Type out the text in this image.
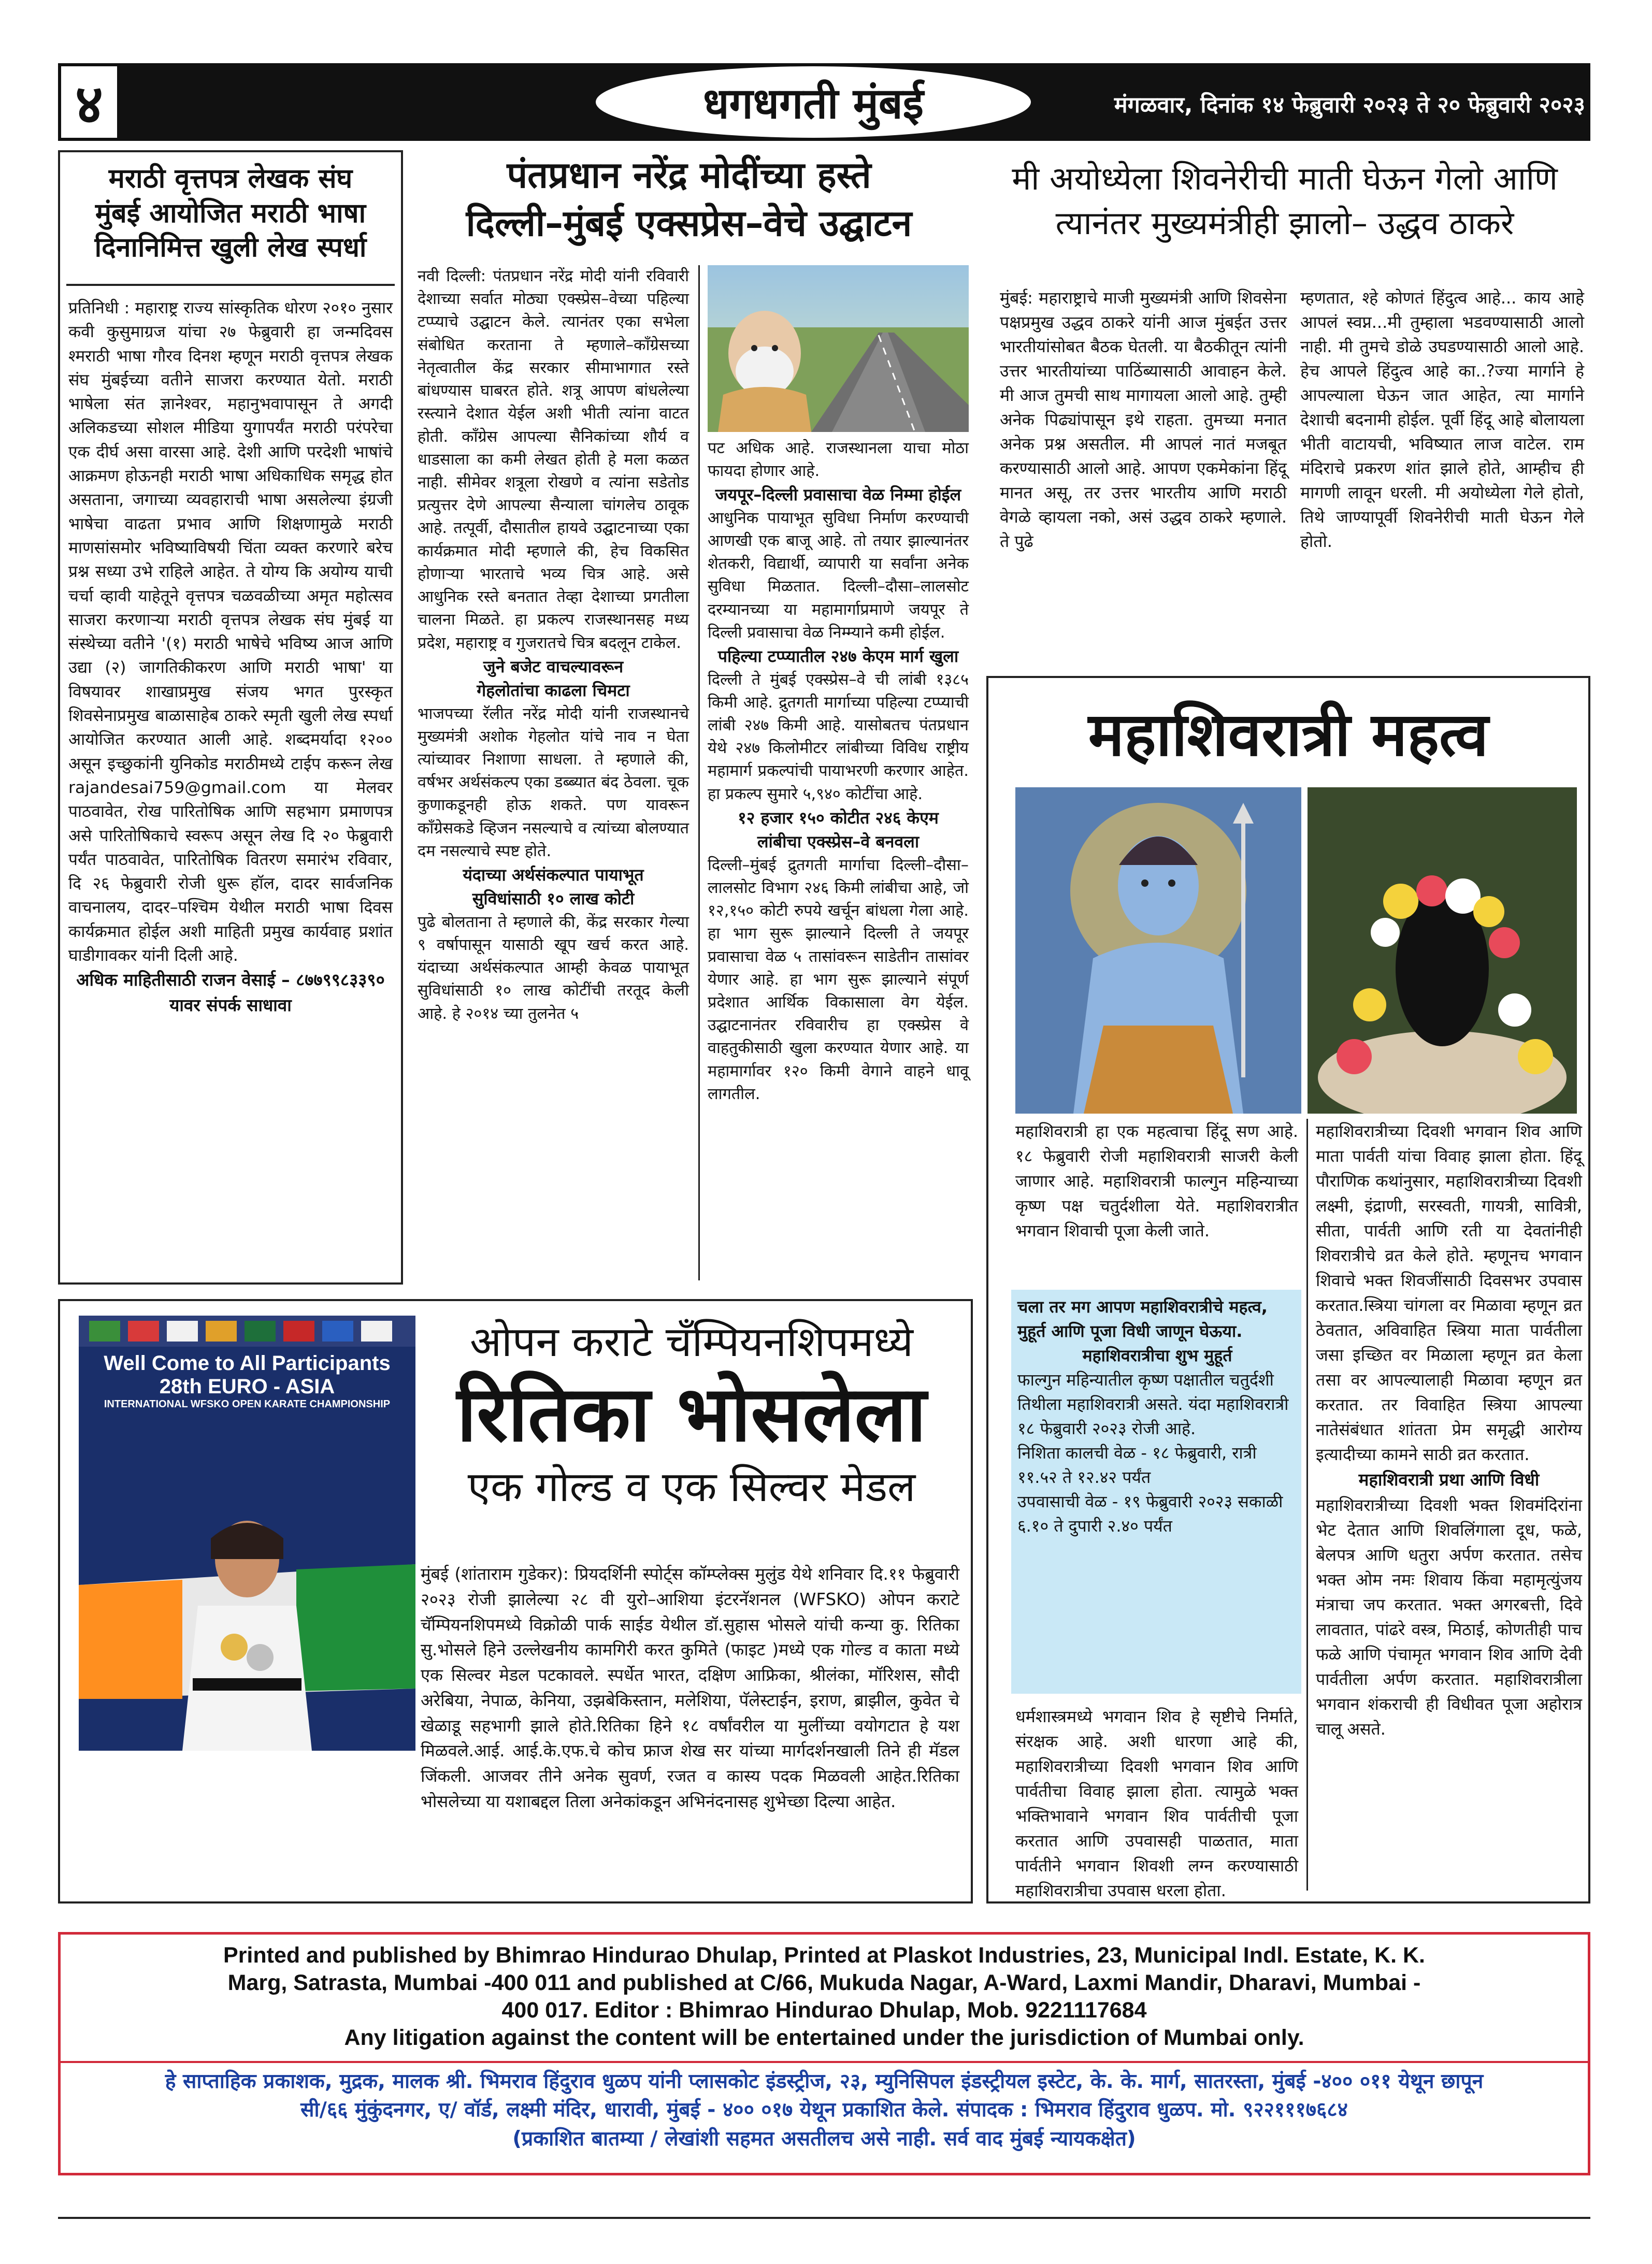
४	धगधगती मुंबई	मंगळवार, दिनांक १४ फेब्रुवारी २०२३ ते २० फेब्रुवारी २०२३
मराठी वृत्तपत्र लेखक संघ
मुंबई आयोजित मराठी भाषा
दिनानिमित्त खुली लेख स्पर्धा

प्रतिनिधी : महाराष्ट्र राज्य सांस्कृतिक धोरण २०१० नुसार कवी कुसुमाग्रज यांचा २७ फेब्रुवारी हा जन्मदिवस श्मराठी भाषा गौरव दिनश म्हणून मराठी वृत्तपत्र लेखक संघ मुंबईच्या वतीने साजरा करण्यात येतो. मराठी भाषेला संत ज्ञानेश्वर, महानुभवापासून ते अगदी अलिकडच्या सोशल मीडिया युगापर्यंत मराठी परंपरेचा एक दीर्घ असा वारसा आहे. देशी आणि परदेशी भाषांचे आक्रमण होऊनही मराठी भाषा अधिकाधिक समृद्ध होत असताना, जगाच्या व्यवहाराची भाषा असलेल्या इंग्रजी भाषेचा वाढता प्रभाव आणि शिक्षणामुळे मराठी माणसांसमोर भविष्याविषयी चिंता व्यक्त करणारे बरेच प्रश्न सध्या उभे राहिले आहेत. ते योग्य कि अयोग्य याची चर्चा व्हावी याहेतूने वृत्तपत्र चळवळीच्या अमृत महोत्सव साजरा करणाऱ्या मराठी वृत्तपत्र लेखक संघ मुंबई या संस्थेच्या वतीने '(१) मराठी भाषेचे भविष्य आज आणि उद्या (२) जागतिकीकरण आणि मराठी भाषा' या विषयावर शाखाप्रमुख संजय भगत पुरस्कृत शिवसेनाप्रमुख बाळासाहेब ठाकरे स्मृती खुली लेख स्पर्धा आयोजित करण्यात आली आहे. शब्दमर्यादा १२०० असून इच्छुकांनी युनिकोड मराठीमध्ये टाईप करून लेख rajandesai759@gmail.com या मेलवर पाठवावेत, रोख पारितोषिक आणि सहभाग प्रमाणपत्र असे पारितोषिकाचे स्वरूप असून लेख दि २० फेब्रुवारी पर्यंत पाठवावेत, पारितोषिक वितरण समारंभ रविवार, दि २६ फेब्रुवारी रोजी धुरू हॉल, दादर सार्वजनिक वाचनालय, दादर–पश्चिम येथील मराठी भाषा दिवस कार्यक्रमात होईल अशी माहिती प्रमुख कार्यवाह प्रशांत घाडीगावकर यांनी दिली आहे.

अधिक माहितीसाठी राजन वेसाई – ८७७९९८३३९० यावर संपर्क साधावा

पंतप्रधान नरेंद्र मोदींच्या हस्ते
दिल्ली–मुंबई एक्सप्रेस–वेचे उद्घाटन

नवी दिल्ली: पंतप्रधान नरेंद्र मोदी यांनी रविवारी देशाच्या सर्वात मोठ्या एक्स्प्रेस–वेच्या पहिल्या टप्प्याचे उद्घाटन केले. त्यानंतर एका सभेला संबोधित करताना ते म्हणाले–काँग्रेसच्या नेतृत्वातील केंद्र सरकार सीमाभागात रस्ते बांधण्यास घाबरत होते. शत्रू आपण बांधलेल्या रस्त्याने देशात येईल अशी भीती त्यांना वाटत होती. काँग्रेस आपल्या सैनिकांच्या शौर्य व धाडसाला का कमी लेखत होती हे मला कळत नाही. सीमेवर शत्रूला रोखणे व त्यांना सडेतोड प्रत्युत्तर देणे आपल्या सैन्याला चांगलेच ठावूक आहे. तत्पूर्वी, दौसातील हायवे उद्घाटनाच्या एका कार्यक्रमात मोदी म्हणाले की, हेच विकसित होणाऱ्या भारताचे भव्य चित्र आहे. असे आधुनिक रस्ते बनतात तेव्हा देशाच्या प्रगतीला चालना मिळते. हा प्रकल्प राजस्थानसह मध्य प्रदेश, महाराष्ट्र व गुजरातचे चित्र बदलून टाकेल.

जुने बजेट वाचल्यावरून

गेहलोतांचा काढला चिमटा

भाजपच्या रॅलीत नरेंद्र मोदी यांनी राजस्थानचे मुख्यमंत्री अशोक गेहलोत यांचे नाव न घेता त्यांच्यावर निशाणा साधला. ते म्हणाले की, वर्षभर अर्थसंकल्प एका डब्ब्यात बंद ठेवला. चूक कुणाकडूनही होऊ शकते. पण यावरून काँग्रेसकडे व्हिजन नसल्याचे व त्यांच्या बोलण्यात दम नसल्याचे स्पष्ट होते.

यंदाच्या अर्थसंकल्पात पायाभूत

सुविधांसाठी १० लाख कोटी

पुढे बोलताना ते म्हणाले की, केंद्र सरकार गेल्या ९ वर्षापासून यासाठी खूप खर्च करत आहे. यंदाच्या अर्थसंकल्पात आम्ही केवळ पायाभूत सुविधांसाठी १० लाख कोटींची तरतूद केली आहे. हे २०१४ च्या तुलनेत ५

पट अधिक आहे. राजस्थानला याचा मोठा फायदा होणार आहे.

जयपूर–दिल्ली प्रवासाचा वेळ निम्मा होईल

आधुनिक पायाभूत सुविधा निर्माण करण्याची आणखी एक बाजू आहे. तो तयार झाल्यानंतर शेतकरी, विद्यार्थी, व्यापारी या सर्वांना अनेक सुविधा मिळतात. दिल्ली–दौसा–लालसोट दरम्यानच्या या महामार्गाप्रमाणे जयपूर ते दिल्ली प्रवासाचा वेळ निम्म्याने कमी होईल.

पहिल्या टप्प्यातील २४७ केएम मार्ग खुला

दिल्ली ते मुंबई एक्स्प्रेस–वे ची लांबी १३८५ किमी आहे. द्रुतगती मार्गाच्या पहिल्या टप्प्याची लांबी २४७ किमी आहे. यासोबतच पंतप्रधान येथे २४७ किलोमीटर लांबीच्या विविध राष्ट्रीय महामार्ग प्रकल्पांची पायाभरणी करणार आहेत. हा प्रकल्प सुमारे ५,९४० कोटींचा आहे.

१२ हजार १५० कोटीत २४६ केएम

लांबीचा एक्स्प्रेस–वे बनवला

दिल्ली–मुंबई द्रुतगती मार्गाचा दिल्ली–दौसा–लालसोट विभाग २४६ किमी लांबीचा आहे, जो १२,१५० कोटी रुपये खर्चून बांधला गेला आहे. हा भाग सुरू झाल्याने दिल्ली ते जयपूर प्रवासाचा वेळ ५ तासांवरून साडेतीन तासांवर येणार आहे. हा भाग सुरू झाल्याने संपूर्ण प्रदेशात आर्थिक विकासाला वेग येईल. उद्घाटनानंतर रविवारीच हा एक्स्प्रेस वे वाहतुकीसाठी खुला करण्यात येणार आहे. या महामार्गावर १२० किमी वेगाने वाहने धावू लागतील.

मी अयोध्येला शिवनेरीची माती घेऊन गेलो आणि
त्यानंतर मुख्यमंत्रीही झालो– उद्धव ठाकरे

मुंबई: महाराष्ट्राचे माजी मुख्यमंत्री आणि शिवसेना पक्षप्रमुख उद्धव ठाकरे यांनी आज मुंबईत उत्तर भारतीयांसोबत बैठक घेतली. या बैठकीतून त्यांनी उत्तर भारतीयांच्या पाठिंब्यासाठी आवाहन केले. मी आज तुमची साथ मागायला आलो आहे. तुम्ही अनेक पिढ्यांपासून इथे राहता. तुमच्या मनात अनेक प्रश्न असतील. मी आपलं नातं मजबूत करण्यासाठी आलो आहे. आपण एकमेकांना हिंदू मानत असू, तर उत्तर भारतीय आणि मराठी वेगळे व्हायला नको, असं उद्धव ठाकरे म्हणाले. ते पुढे

म्हणतात, श्हे कोणतं हिंदुत्व आहे... काय आहे आपलं स्वप्न...मी तुम्हाला भडवण्यासाठी आलो नाही. मी तुमचे डोळे उघडण्यासाठी आलो आहे. हेच आपले हिंदुत्व आहे का..?ज्या मार्गाने हे आपल्याला घेऊन जात आहेत, त्या मार्गाने देशाची बदनामी होईल. पूर्वी हिंदू आहे बोलायला भीती वाटायची, भविष्यात लाज वाटेल. राम मंदिराचे प्रकरण शांत झाले होते, आम्हीच ही मागणी लावून धरली. मी अयोध्येला गेले होतो, तिथे जाण्यापूर्वी शिवनेरीची माती घेऊन गेले होतो.

महाशिवरात्री महत्व

महाशिवरात्री हा एक महत्वाचा हिंदू सण आहे. १८ फेब्रुवारी रोजी महाशिवरात्री साजरी केली जाणार आहे. महाशिवरात्री फाल्गुन महिन्याच्या कृष्ण पक्ष चतुर्दशीला येते. महाशिवरात्रीत भगवान शिवाची पूजा केली जाते.

चला तर मग आपण महाशिवरात्रीचे महत्व, मुहूर्त आणि पूजा विधी जाणून घेऊया.

महाशिवरात्रीचा शुभ मुहूर्त

फाल्गुन महिन्यातील कृष्ण पक्षातील चतुर्दशी तिथीला महाशिवरात्री असते. यंदा महाशिवरात्री १८ फेब्रुवारी २०२३ रोजी आहे.

निशिता कालची वेळ - १८ फेब्रुवारी, रात्री ११.५२ ते १२.४२ पर्यंत

उपवासाची वेळ - १९ फेब्रुवारी २०२३ सकाळी ६.१० ते दुपारी २.४० पर्यंत

धर्मशास्त्रमध्ये भगवान शिव हे सृष्टीचे निर्माते, संरक्षक आहे. अशी धारणा आहे की, महाशिवरात्रीच्या दिवशी भगवान शिव आणि पार्वतीचा विवाह झाला होता. त्यामुळे भक्त भक्तिभावाने भगवान शिव पार्वतीची पूजा करतात आणि उपवासही पाळतात, माता पार्वतीने भगवान शिवशी लग्न करण्यासाठी महाशिवरात्रीचा उपवास धरला होता.

महाशिवरात्रीच्या दिवशी भगवान शिव आणि माता पार्वती यांचा विवाह झाला होता. हिंदू पौराणिक कथांनुसार, महाशिवरात्रीच्या दिवशी लक्ष्मी, इंद्राणी, सरस्वती, गायत्री, सावित्री, सीता, पार्वती आणि रती या देवतांनीही शिवरात्रीचे व्रत केले होते. म्हणूनच भगवान शिवाचे भक्त शिवजींसाठी दिवसभर उपवास करतात.स्त्रिया चांगला वर मिळावा म्हणून व्रत ठेवतात, अविवाहित स्त्रिया माता पार्वतीला जसा इच्छित वर मिळाला म्हणून व्रत केला तसा वर आपल्यालाही मिळावा म्हणून व्रत करतात. तर विवाहित स्त्रिया आपल्या नातेसंबंधात शांतता प्रेम समृद्धी आरोग्य इत्यादीच्या कामने साठी व्रत करतात.

महाशिवरात्री प्रथा आणि विधी

महाशिवरात्रीच्या दिवशी भक्त शिवमंदिरांना भेट देतात आणि शिवलिंगाला दूध, फळे, बेलपत्र आणि धतुरा अर्पण करतात. तसेच भक्त ओम नमः शिवाय किंवा महामृत्युंजय मंत्राचा जप करतात. भक्त अगरबत्ती, दिवे लावतात, पांढरे वस्त्र, मिठाई, कोणतीही पाच फळे आणि पंचामृत भगवान शिव आणि देवी पार्वतीला अर्पण करतात. महाशिवरात्रीला भगवान शंकराची ही विधीवत पूजा अहोरात्र चालू असते.

Well Come to All Participants
28th EURO - ASIA
INTERNATIONAL WFSKO OPEN KARATE CHAMPIONSHIP
ओपन कराटे चँम्पियनशिपमध्ये
रितिका भोसलेला
एक गोल्ड व एक सिल्वर मेडल

मुंबई (शांताराम गुडेकर): प्रियदर्शिनी स्पोर्ट्स कॉम्प्लेक्स मुलुंड येथे शनिवार दि.११ फेब्रुवारी २०२३ रोजी झालेल्या २८ वी युरो–आशिया इंटरनॅशनल (WFSKO) ओपन कराटे चॅम्पियनशिपमध्ये विक्रोळी पार्क साईड येथील डॉ.सुहास भोसले यांची कन्या कु. रितिका सु.भोसले हिने उल्लेखनीय कामगिरी करत कुमिते (फाइट )मध्ये एक गोल्ड व काता मध्ये एक सिल्वर मेडल पटकावले. स्पर्धेत भारत, दक्षिण आफ्रिका, श्रीलंका, मॉरिशस, सौदी अरेबिया, नेपाळ, केनिया, उझबेकिस्तान, मलेशिया, पॅलेस्टाईन, इराण, ब्राझील, कुवेत चे खेळाडू सहभागी झाले होते.रितिका हिने १८ वर्षांवरील या मुलींच्या वयोगटात हे यश मिळवले.आई. आई.के.एफ.चे कोच फ्राज शेख सर यांच्या मार्गदर्शनखाली तिने ही मॅडल जिंकली. आजवर तीने अनेक सुवर्ण, रजत व कास्य पदक मिळवली आहेत.रितिका भोसलेच्या या यशाबद्दल तिला अनेकांकडून अभिनंदनासह शुभेच्छा दिल्या आहेत.

Printed and published by Bhimrao Hindurao Dhulap, Printed at Plaskot Industries, 23, Municipal Indl. Estate, K. K.
Marg, Satrasta, Mumbai -400 011 and published at C/66, Mukuda Nagar, A-Ward, Laxmi Mandir, Dharavi, Mumbai -
400 017. Editor : Bhimrao Hindurao Dhulap, Mob. 9221117684
Any litigation against the content will be entertained under the jurisdiction of Mumbai only.
हे साप्ताहिक प्रकाशक, मुद्रक, मालक श्री. भिमराव हिंदुराव धुळप यांनी प्लासकोट इंडस्ट्रीज, २३, म्युनिसिपल इंडस्ट्रीयल इस्टेट, के. के. मार्ग, सातरस्ता, मुंबई -४०० ०११ येथून छापून
सी/६६ मुंकुंदनगर, ए/ वॉर्ड, लक्ष्मी मंदिर, धारावी, मुंबई - ४०० ०१७ येथून प्रकाशित केले. संपादक : भिमराव हिंदुराव धुळप. मो. ९२२१११७६८४
(प्रकाशित बातम्या / लेखांशी सहमत असतीलच असे नाही. सर्व वाद मुंबई न्यायकक्षेत)
